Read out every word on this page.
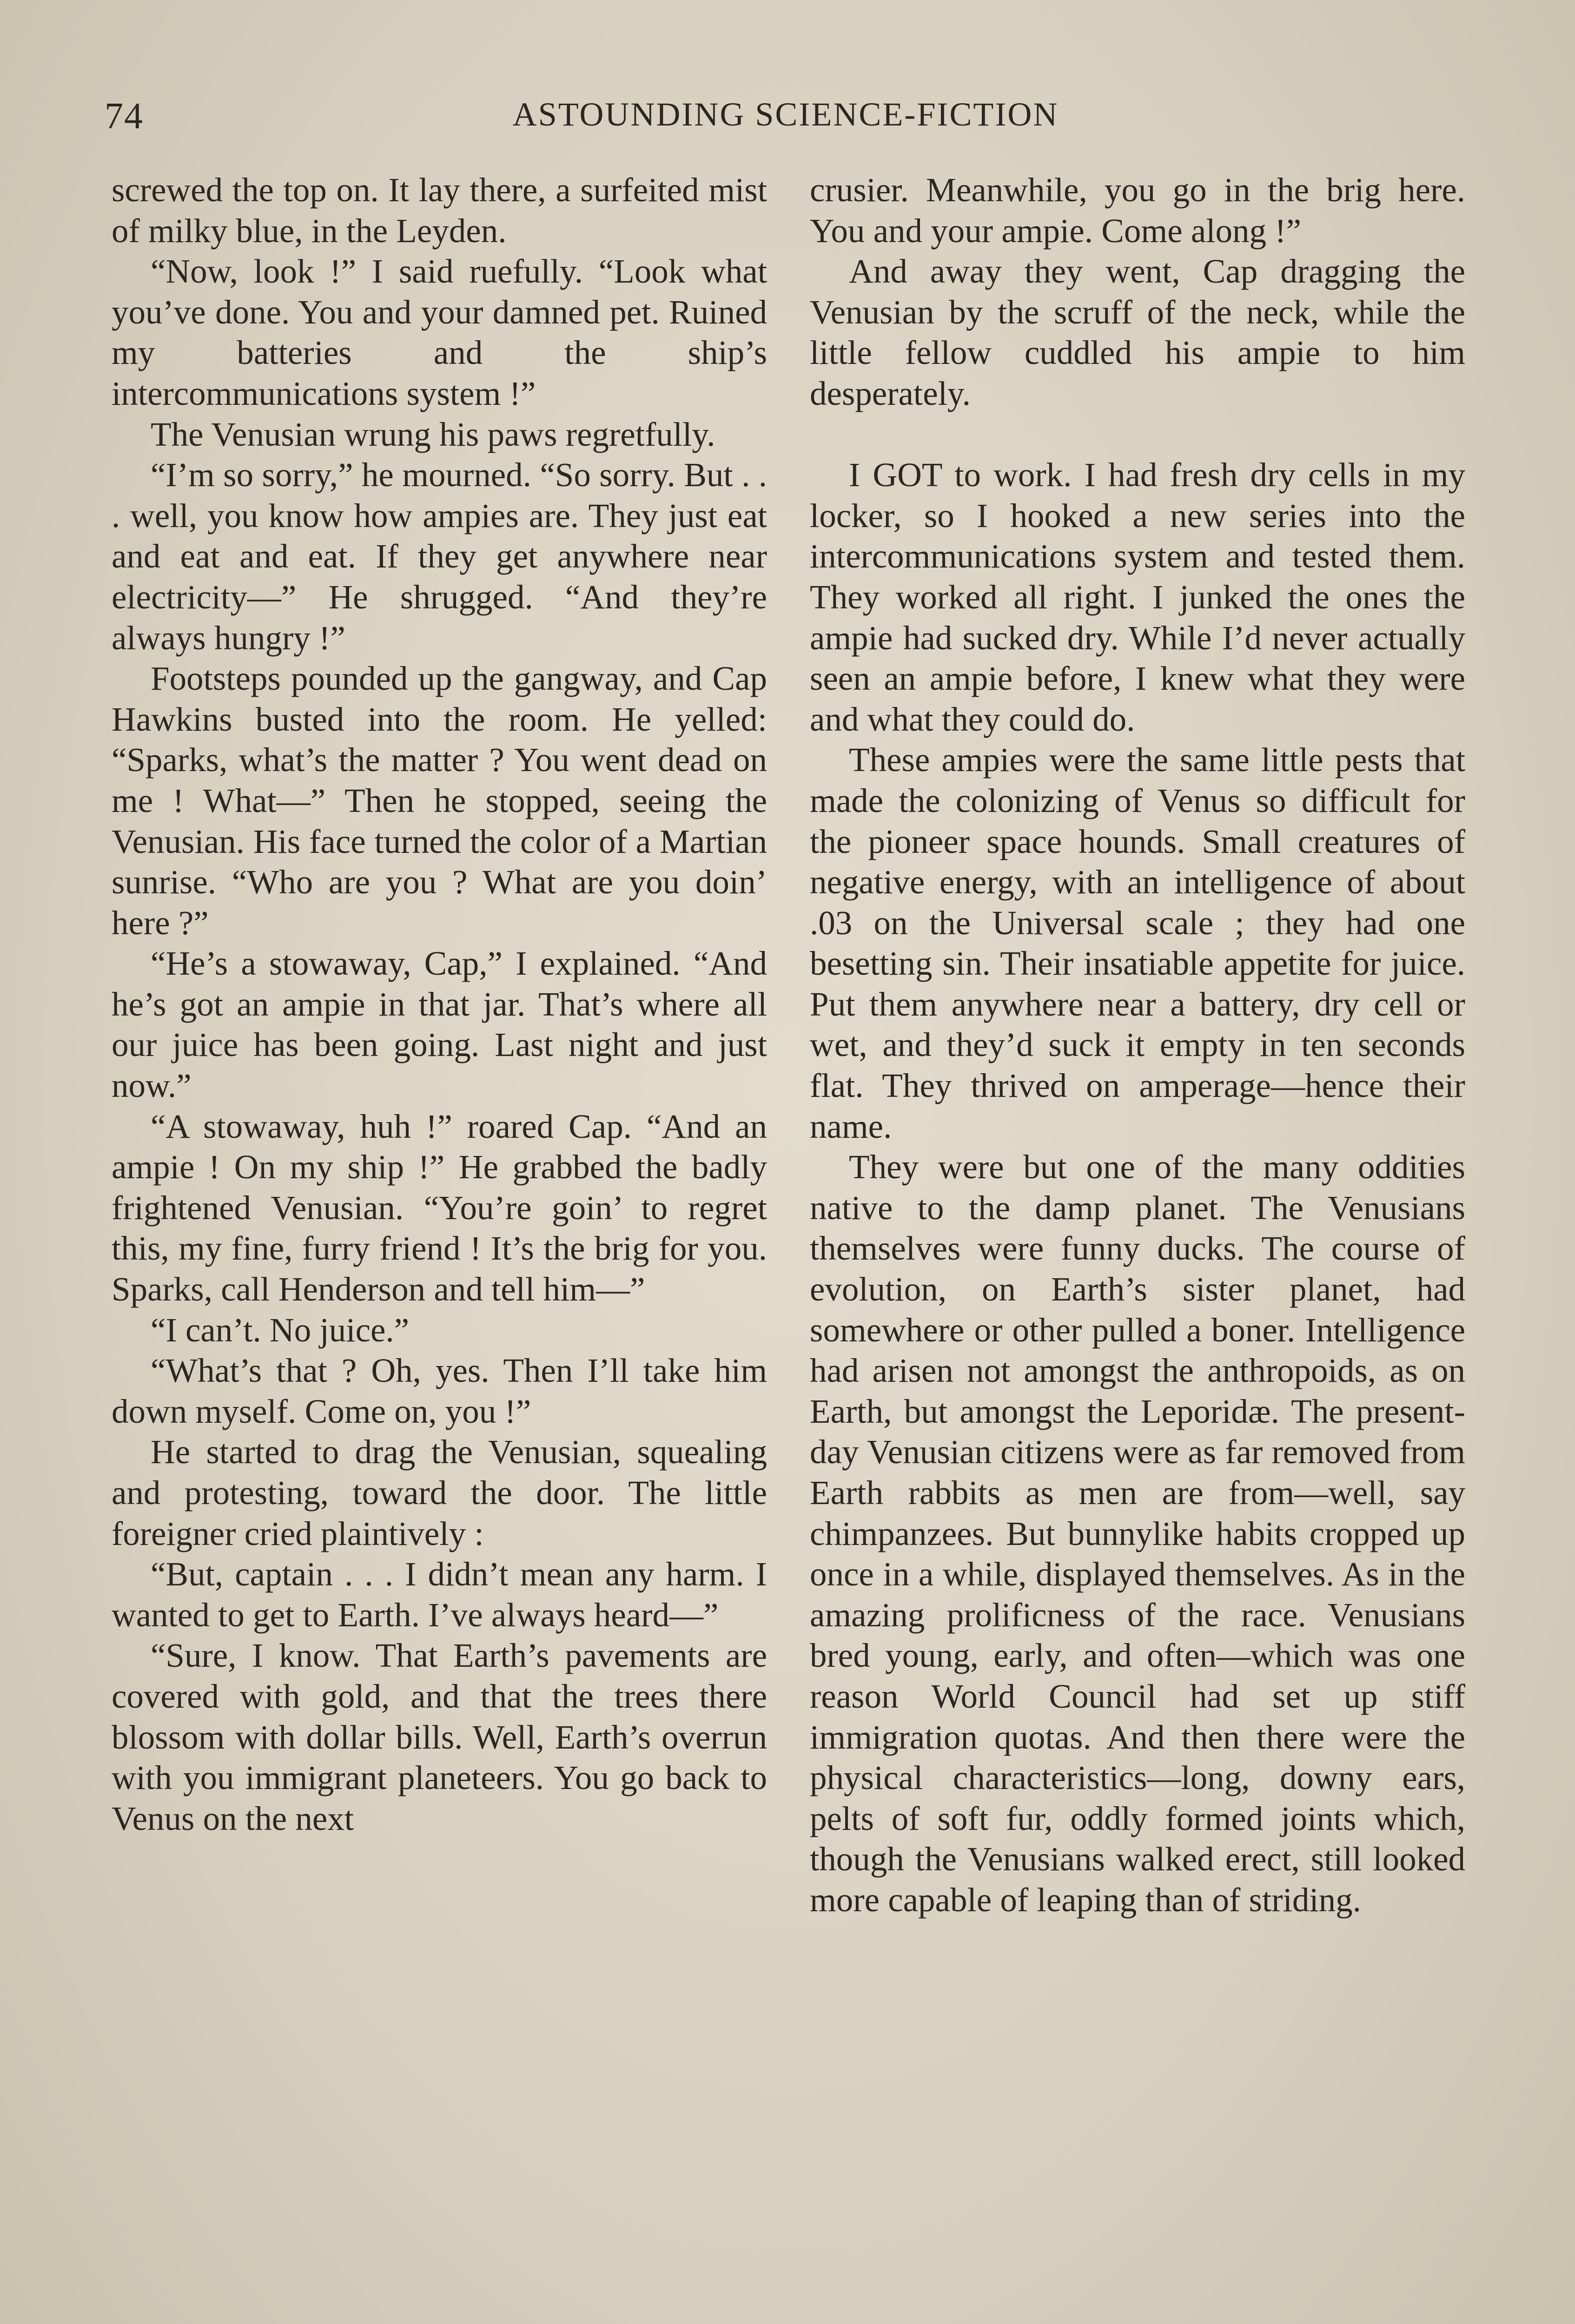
74	ASTOUNDING SCIENCE-FICTION

screwed the top on. It lay there, a surfeited mist of milky blue, in the Leyden.

“Now, look !” I said ruefully. “Look what you’ve done. You and your damned pet. Ruined my batteries and the ship’s intercommunications system !”

The Venusian wrung his paws regretfully.

“I’m so sorry,” he mourned. “So sorry. But . . . well, you know how ampies are. They just eat and eat and eat. If they get anywhere near electricity—” He shrugged. “And they’re always hungry !”

Footsteps pounded up the gangway, and Cap Hawkins busted into the room. He yelled: “Sparks, what’s the matter ? You went dead on me ! What—” Then he stopped, seeing the Venusian. His face turned the color of a Martian sunrise. “Who are you ? What are you doin’ here ?”

“He’s a stowaway, Cap,” I explained. “And he’s got an ampie in that jar. That’s where all our juice has been going. Last night and just now.”

“A stowaway, huh !” roared Cap. “And an ampie ! On my ship !” He grabbed the badly frightened Venusian. “You’re goin’ to regret this, my fine, furry friend ! It’s the brig for you. Sparks, call Henderson and tell him—”

“I can’t. No juice.”

“What’s that ? Oh, yes. Then I’ll take him down myself. Come on, you !”

He started to drag the Venusian, squealing and protesting, toward the door. The little foreigner cried plaintively :

“But, captain . . . I didn’t mean any harm. I wanted to get to Earth. I’ve always heard—”

“Sure, I know. That Earth’s pavements are covered with gold, and that the trees there blossom with dollar bills. Well, Earth’s overrun with you immigrant planeteers. You go back to Venus on the next

crusier. Meanwhile, you go in the brig here. You and your ampie. Come along !”

And away they went, Cap dragging the Venusian by the scruff of the neck, while the little fellow cuddled his ampie to him desperately.

I GOT to work. I had fresh dry cells in my locker, so I hooked a new series into the intercommunications system and tested them. They worked all right. I junked the ones the ampie had sucked dry. While I’d never actually seen an ampie before, I knew what they were and what they could do.

These ampies were the same little pests that made the colonizing of Venus so difficult for the pioneer space hounds. Small creatures of negative energy, with an intelligence of about .03 on the Universal scale ; they had one besetting sin. Their insatiable appetite for juice. Put them anywhere near a battery, dry cell or wet, and they’d suck it empty in ten seconds flat. They thrived on amperage—hence their name.

They were but one of the many oddities native to the damp planet. The Venusians themselves were funny ducks. The course of evolution, on Earth’s sister planet, had somewhere or other pulled a boner. Intelligence had arisen not amongst the anthropoids, as on Earth, but amongst the Leporidæ. The present-day Venusian citizens were as far removed from Earth rabbits as men are from—well, say chimpanzees. But bunnylike habits cropped up once in a while, displayed themselves. As in the amazing prolificness of the race. Venusians bred young, early, and often—which was one reason World Council had set up stiff immigration quotas. And then there were the physical characteristics—long, downy ears, pelts of soft fur, oddly formed joints which, though the Venusians walked erect, still looked more capable of leaping than of striding.
